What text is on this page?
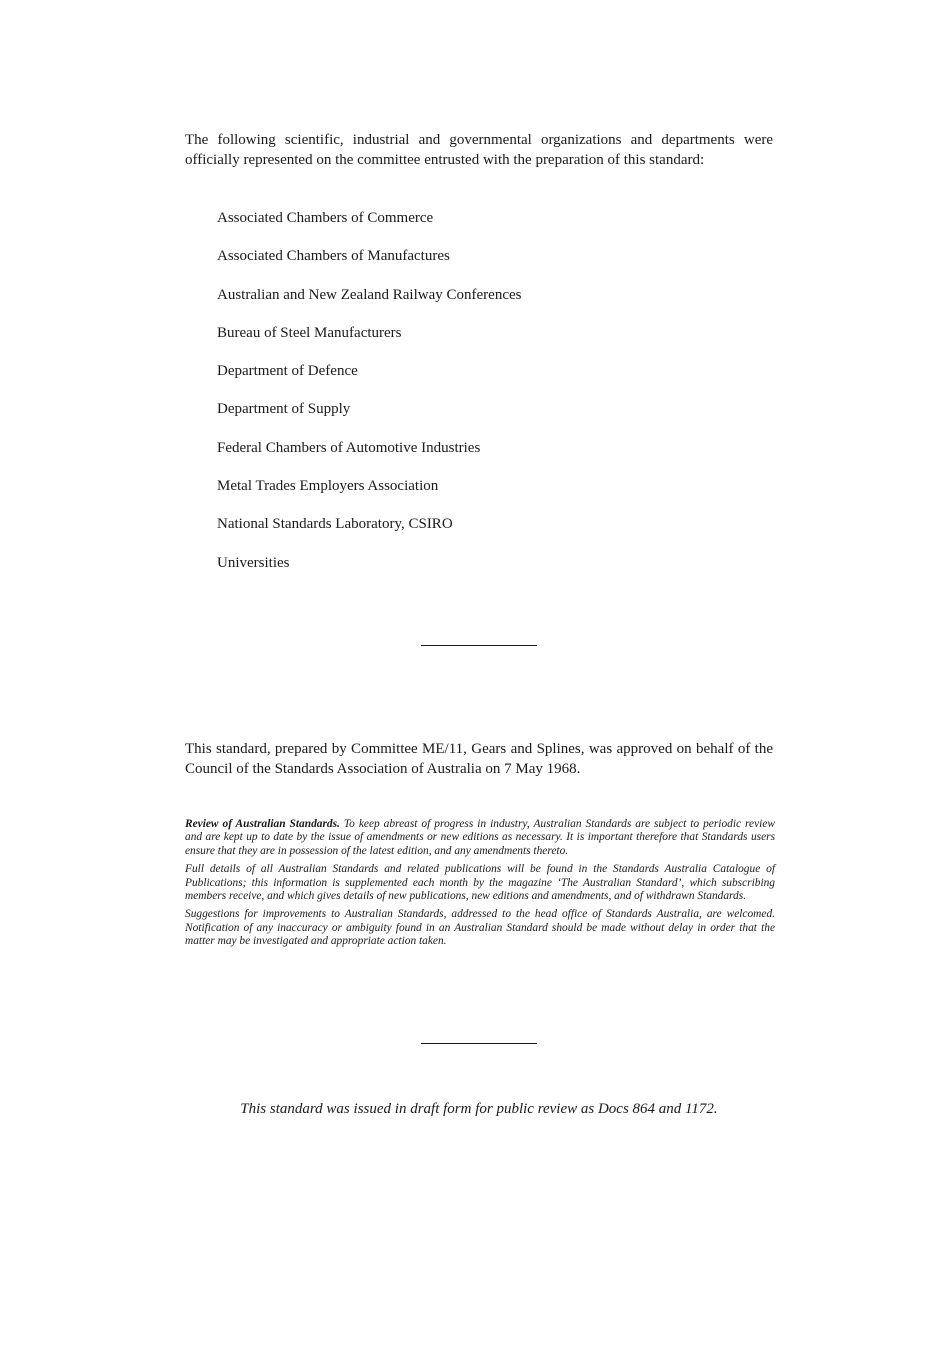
The following scientific, industrial and governmental organizations and departments were officially represented on the committee entrusted with the preparation of this standard:

Associated Chambers of Commerce
Associated Chambers of Manufactures
Australian and New Zealand Railway Conferences
Bureau of Steel Manufacturers
Department of Defence
Department of Supply
Federal Chambers of Automotive Industries
Metal Trades Employers Association
National Standards Laboratory, CSIRO
Universities

This standard, prepared by Committee ME/11, Gears and Splines, was approved on behalf of the Council of the Standards Association of Australia on 7 May 1968.

Review of Australian Standards. To keep abreast of progress in industry, Australian Standards are subject to periodic review and are kept up to date by the issue of amendments or new editions as necessary. It is important therefore that Standards users ensure that they are in possession of the latest edition, and any amendments thereto.

Full details of all Australian Standards and related publications will be found in the Standards Australia Catalogue of Publications; this information is supplemented each month by the magazine ‘The Australian Standard’, which subscribing members receive, and which gives details of new publications, new editions and amendments, and of withdrawn Standards.

Suggestions for improvements to Australian Standards, addressed to the head office of Standards Australia, are welcomed. Notification of any inaccuracy or ambiguity found in an Australian Standard should be made without delay in order that the matter may be investigated and appropriate action taken.

This standard was issued in draft form for public review as Docs 864 and 1172.
